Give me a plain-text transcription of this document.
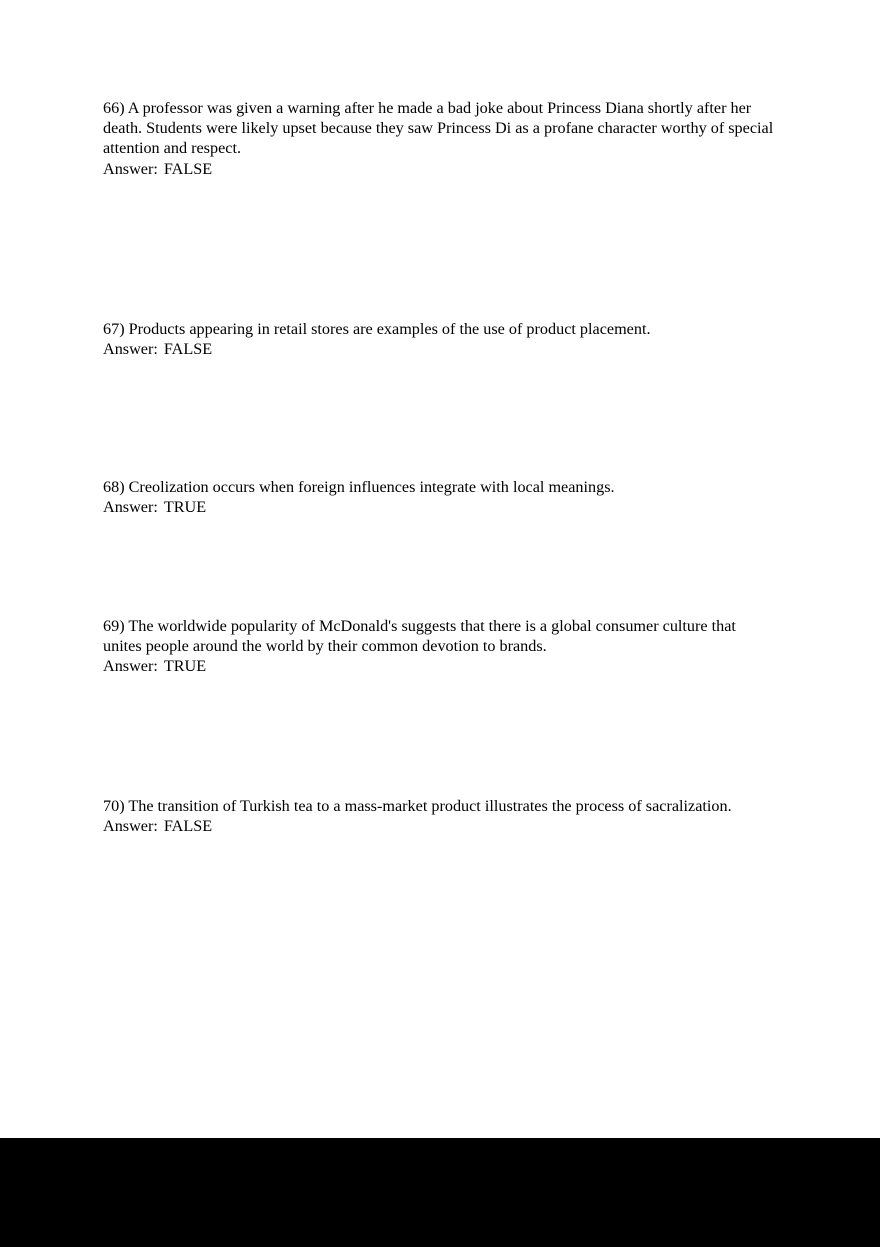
66) A professor was given a warning after he made a bad joke about Princess Diana shortly after her death. Students were likely upset because they saw Princess Di as a profane character worthy of special attention and respect.

Answer: FALSE

67) Products appearing in retail stores are examples of the use of product placement.

Answer: FALSE

68) Creolization occurs when foreign influences integrate with local meanings.

Answer: TRUE

69) The worldwide popularity of McDonald's suggests that there is a global consumer culture that unites people around the world by their common devotion to brands.

Answer: TRUE

70) The transition of Turkish tea to a mass-market product illustrates the process of sacralization.

Answer: FALSE
